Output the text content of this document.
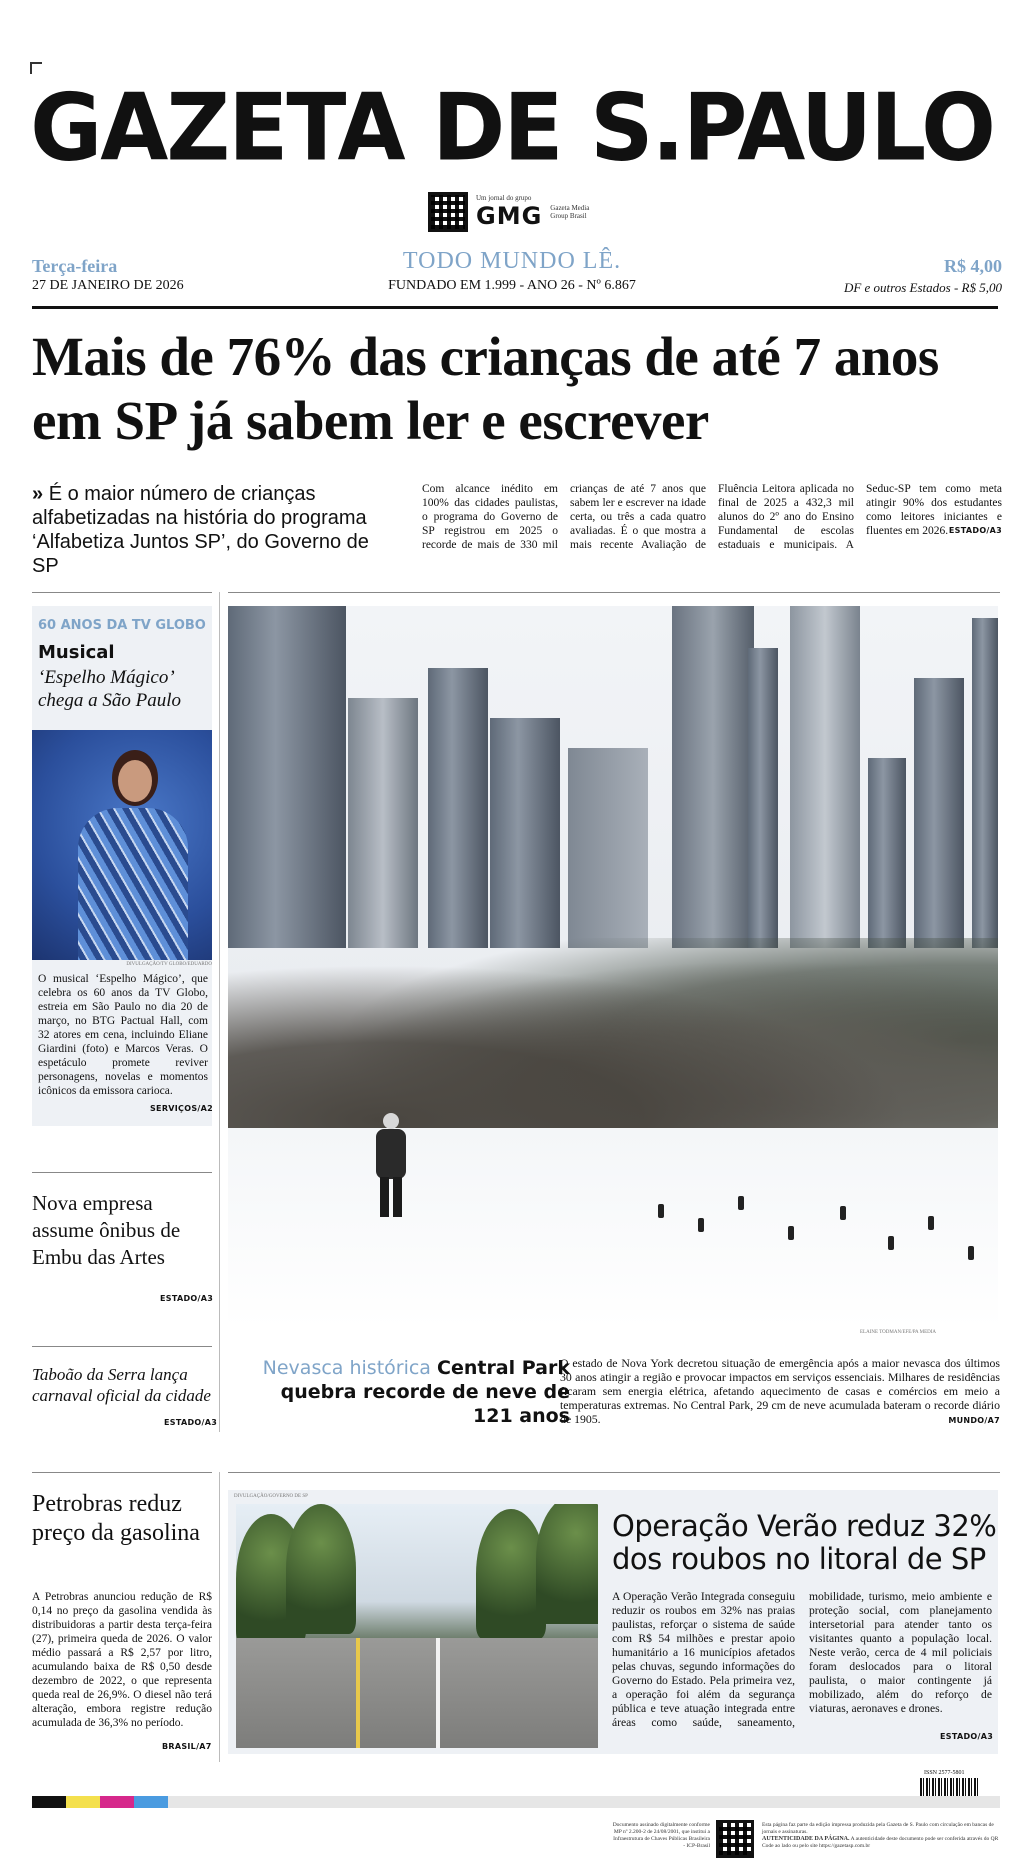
GAZETA DE S.PAULO
Um jornal do grupo
GMG Gazeta Media Group Brasil
Terça-feira
27 DE JANEIRO DE 2026
TODO MUNDO LÊ.
FUNDADO EM 1.999 - ANO 26 - Nº 6.867
R$ 4,00
DF e outros Estados - R$ 5,00
Mais de 76% das crianças de até 7 anos em SP já sabem ler e escrever
» É o maior número de crianças alfabetizadas na história do programa ‘Alfabetiza Juntos SP’, do Governo de SP
Com alcance inédito em 100% das cidades paulistas, o programa do Governo de SP registrou em 2025 o recorde de mais de 330 mil crianças de até 7 anos que sabem ler e escrever na idade certa, ou três a cada quatro avaliadas. É o que mostra a mais recente Avaliação de Fluência Leitora aplicada no final de 2025 a 432,3 mil alunos do 2º ano do Ensino Fundamental de escolas estaduais e municipais. A Seduc-SP tem como meta atingir 90% dos estudantes como leitores iniciantes e fluentes em 2026. ESTADO/A3
60 ANOS DA TV GLOBO
Musical
‘Espelho Mágico’ chega a São Paulo
DIVULGAÇÃO/TV GLOBO/EDUARDO
O musical ‘Espelho Mágico’, que celebra os 60 anos da TV Globo, estreia em São Paulo no dia 20 de março, no BTG Pactual Hall, com 32 atores em cena, incluindo Eliane Giardini (foto) e Marcos Veras. O espetáculo promete reviver personagens, novelas e momentos icônicos da emissora carioca.
SERVIÇOS/A2
Nova empresa assume ônibus de Embu das Artes
ESTADO/A3
Taboão da Serra lança carnaval oficial da cidade
ESTADO/A3
ELAINE TODMAN/EFE/PA MEDIA
Nevasca histórica Central Park quebra recorde de neve de 121 anos
O estado de Nova York decretou situação de emergência após a maior nevasca dos últimos 30 anos atingir a região e provocar impactos em serviços essenciais. Milhares de residências ficaram sem energia elétrica, afetando aquecimento de casas e comércios em meio a temperaturas extremas. No Central Park, 29 cm de neve acumulada bateram o recorde diário de 1905.	MUNDO/A7
Petrobras reduz preço da gasolina
A Petrobras anunciou redução de R$ 0,14 no preço da gasolina vendida às distribuidoras a partir desta terça-feira (27), primeira queda de 2026. O valor médio passará a R$ 2,57 por litro, acumulando baixa de R$ 0,50 desde dezembro de 2022, o que representa queda real de 26,9%. O diesel não terá alteração, embora registre redução acumulada de 36,3% no período.
BRASIL/A7
DIVULGAÇÃO/GOVERNO DE SP
Operação Verão reduz 32% dos roubos no litoral de SP
A Operação Verão Integrada conseguiu reduzir os roubos em 32% nas praias paulistas, reforçar o sistema de saúde com R$ 54 milhões e prestar apoio humanitário a 16 municípios afetados pelas chuvas, segundo informações do Governo do Estado. Pela primeira vez, a operação foi além da segurança pública e teve atuação integrada entre áreas como saúde, saneamento, mobilidade, turismo, meio ambiente e proteção social, com planejamento intersetorial para atender tanto os visitantes quanto a população local. Neste verão, cerca de 4 mil policiais foram deslocados para o litoral paulista, o maior contingente já mobilizado, além do reforço de viaturas, aeronaves e drones.
ESTADO/A3
ISSN 2577-5801
Documento assinado digitalmente conforme MP nº 2.200-2 de 24/08/2001, que institui a Infraestrutura de Chaves Públicas Brasileira - ICP-Brasil
Esta página faz parte da edição impressa produzida pela Gazeta de S. Paulo com circulação em bancas de jornais e assinaturas.
AUTENTICIDADE DA PÁGINA. A autenticidade deste documento pode ser conferida através do QR Code ao lado ou pelo site https://gazetasp.com.br
